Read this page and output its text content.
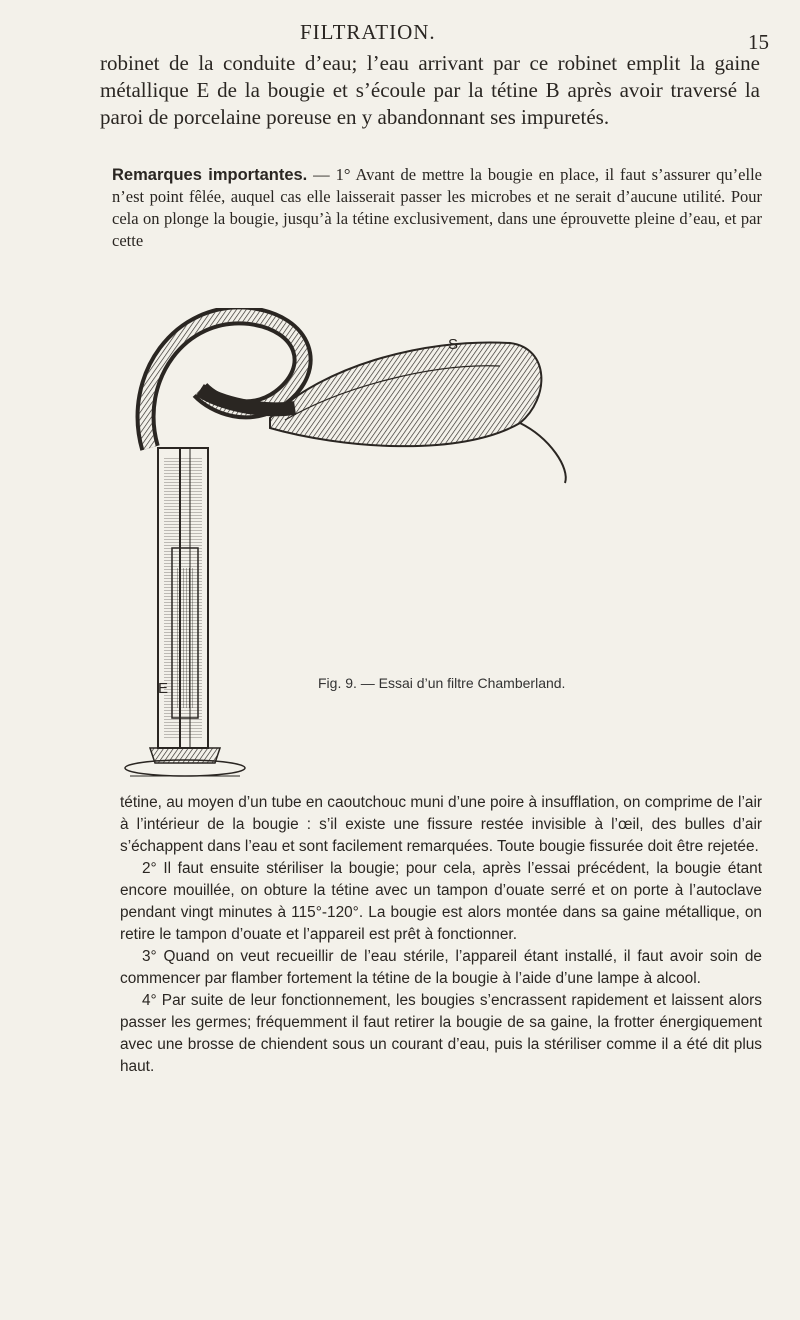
FILTRATION.	15
robinet de la conduite d’eau; l’eau arrivant par ce robinet emplit la gaine métallique E de la bougie et s’écoule par la tétine B après avoir traversé la paroi de porcelaine poreuse en y abandonnant ses impuretés.
Remarques importantes. — 1° Avant de mettre la bougie en place, il faut s’assurer qu’elle n’est point fêlée, auquel cas elle laisserait passer les microbes et ne serait d’aucune utilité. Pour cela on plonge la bougie, jusqu’à la tétine exclusivement, dans une éprouvette pleine d’eau, et par cette
S
E	Fig. 9. — Essai d’un filtre Chamberland.

tétine, au moyen d’un tube en caoutchouc muni d’une poire à insufflation, on comprime de l’air à l’intérieur de la bougie : s’il existe une fissure restée invisible à l’œil, des bulles d’air s’échappent dans l’eau et sont facilement remarquées. Toute bougie fissurée doit être rejetée.

2° Il faut ensuite stériliser la bougie; pour cela, après l’essai précédent, la bougie étant encore mouillée, on obture la tétine avec un tampon d’ouate serré et on porte à l’autoclave pendant vingt minutes à 115°-120°. La bougie est alors montée dans sa gaine métallique, on retire le tampon d’ouate et l’appareil est prêt à fonctionner.

3° Quand on veut recueillir de l’eau stérile, l’appareil étant installé, il faut avoir soin de commencer par flamber fortement la tétine de la bougie à l’aide d’une lampe à alcool.

4° Par suite de leur fonctionnement, les bougies s’encrassent rapidement et laissent alors passer les germes; fréquemment il faut retirer la bougie de sa gaine, la frotter énergiquement avec une brosse de chiendent sous un courant d’eau, puis la stériliser comme il a été dit plus haut.
